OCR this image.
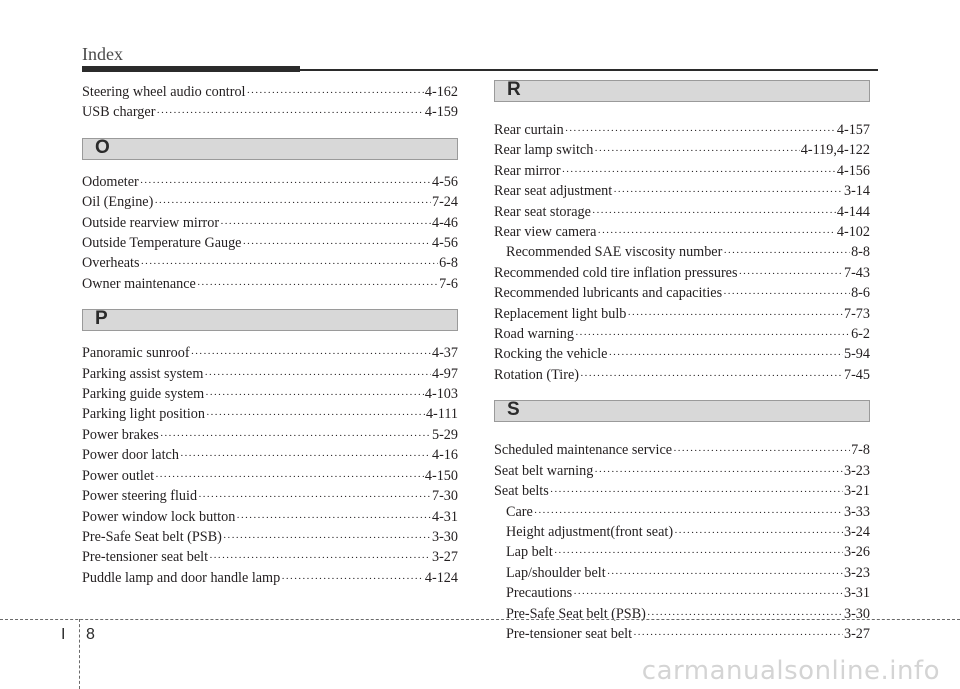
Index
Steering wheel audio control ·····	4-162
USB charger ·····	4-159
O
Odometer ·····	4-56
Oil (Engine) ·····	7-24
Outside rearview mirror ·····	4-46
Outside Temperature Gauge ·····	4-56
Overheats ·····	6-8
Owner maintenance ·····	7-6
P
Panoramic sunroof ·····	4-37
Parking assist system ·····	4-97
Parking guide system ·····	4-103
Parking light position ·····	4-111
Power brakes ·····	5-29
Power door latch ·····	4-16
Power outlet ·····	4-150
Power steering fluid ·····	7-30
Power window lock button ·····	4-31
Pre-Safe Seat belt (PSB) ·····	3-30
Pre-tensioner seat belt ·····	3-27
Puddle lamp and door handle lamp ·····	4-124
R
Rear curtain ·····	4-157
Rear lamp switch ·····	4-119,4-122
Rear mirror ·····	4-156
Rear seat adjustment ·····	3-14
Rear seat storage ·····	4-144
Rear view camera ·····	4-102
Recommended SAE viscosity number ·····	8-8
Recommended cold tire inflation pressures ·····	7-43
Recommended lubricants and capacities ·····	8-6
Replacement light bulb ·····	7-73
Road warning ·····	6-2
Rocking the vehicle ·····	5-94
Rotation (Tire) ·····	7-45
S
Scheduled maintenance service ·····	7-8
Seat belt warning ·····	3-23
Seat belts ·····	3-21
Care ·····	3-33
Height adjustment(front seat) ·····	3-24
Lap belt ·····	3-26
Lap/shoulder belt ·····	3-23
Precautions ·····	3-31
Pre-Safe Seat belt (PSB) ·····	3-30
Pre-tensioner seat belt ·····	3-27
I 8
carmanualsonline.info
